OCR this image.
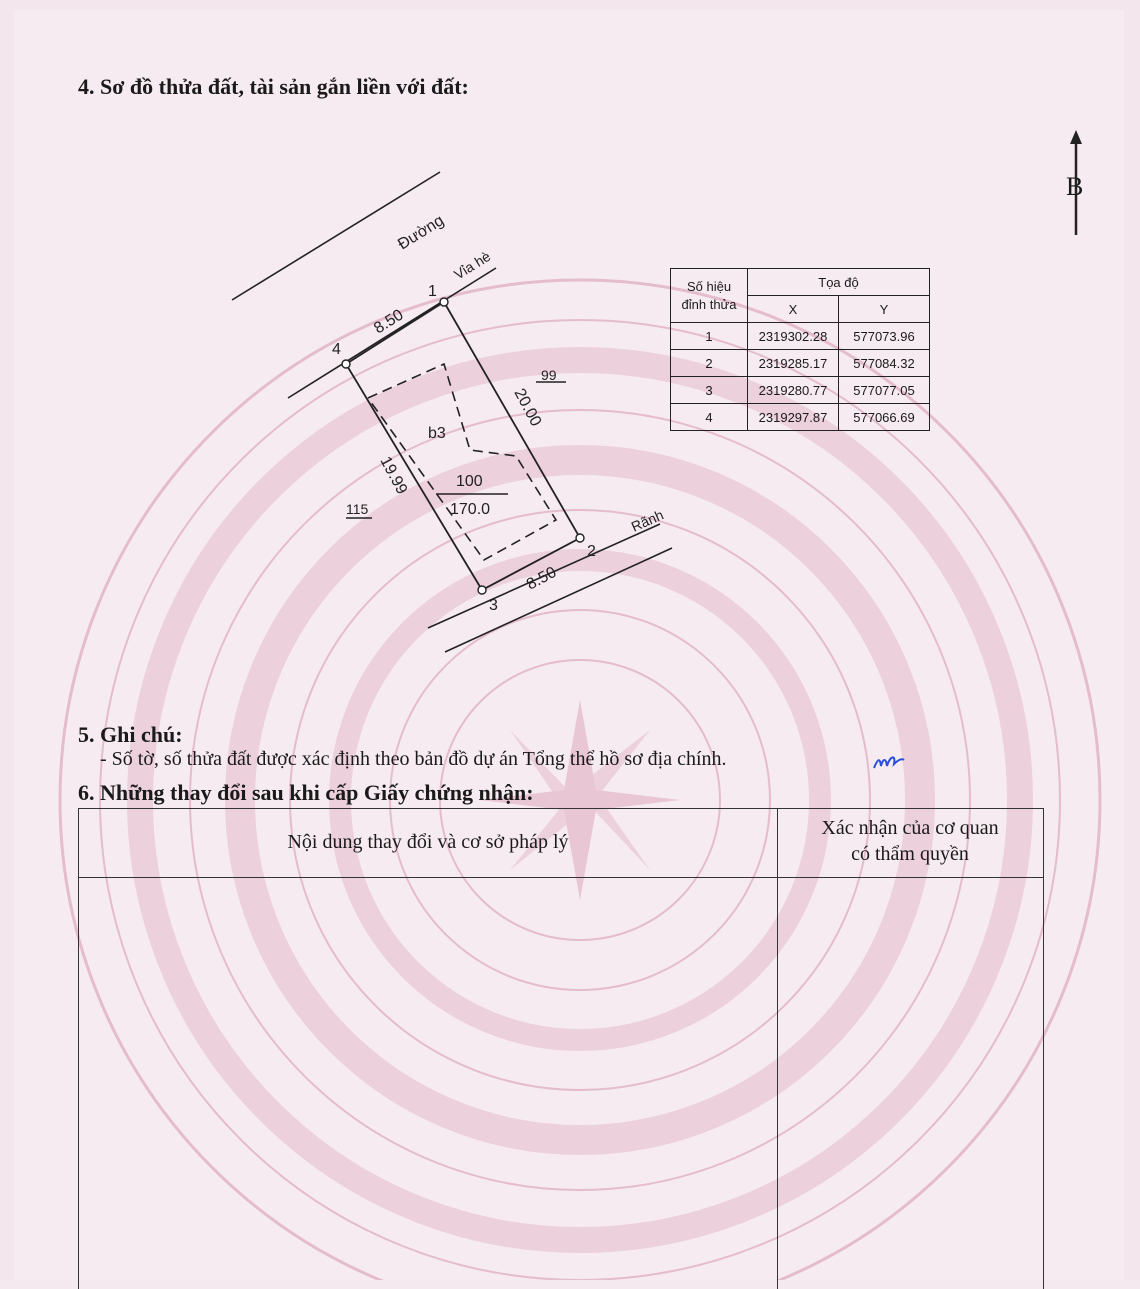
4. Sơ đồ thửa đất, tài sản gắn liền với đất:
B
Đường
Vỉa hè
Rãnh
8.50
8.50
20.00
19.99
1
2
3
4
b3
100
170.0
99
115
Số hiệu đỉnh thửa	Tọa độ	
	X	Y
1	2319302.28	577073.96
2	2319285.17	577084.32
3	2319280.77	577077.05
4	2319297.87	577066.69
5. Ghi chú:
- Số tờ, số thửa đất được xác định theo bản đồ dự án Tổng thể hồ sơ địa chính.
6. Những thay đổi sau khi cấp Giấy chứng nhận:
Nội dung thay đổi và cơ sở pháp lý
Xác nhận của cơ quan
có thẩm quyền
